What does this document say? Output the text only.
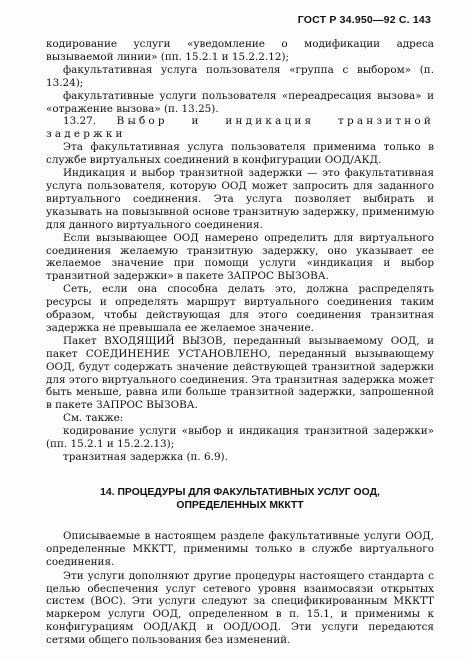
ГОСТ Р 34.950—92 С. 143

кодирование услуги «уведомление о модификации адреса вызываемой линии» (пп. 15.2.1 и 15.2.2.12);

факультативная услуга пользователя «группа с выбором» (п. 13.24);

факультативные услуги пользователя «переадресация вызова» и «отражение вызова» (п. 13.25).

13.27. Выбор и индикация транзитной задержки

Эта факультативная услуга пользователя применима только в службе виртуальных соединений в конфигурации ООД/АКД.

Индикация и выбор транзитной задержки — это факультативная услуга пользователя, которую ООД может запросить для заданного виртуального соединения. Эта услуга позволяет выбирать и указывать на повызывной основе транзитную задержку, применимую для данного виртуального соединения.

Если вызывающее ООД намерено определить для виртуального соединения желаемую транзитную задержку, оно указывает ее желаемое значение при помощи услуги «индикация и выбор транзитной задержки» в пакете ЗАПРОС ВЫЗОВА.

Сеть, если она способна делать это, должна распределять ресурсы и определять маршрут виртуального соединения таким образом, чтобы действующая для этого соединения транзитная задержка не превышала ее желаемое значение.

Пакет ВХОДЯЩИЙ ВЫЗОВ, переданный вызываемому ООД, и пакет СОЕДИНЕНИЕ УСТАНОВЛЕНО, переданный вызывающему ООД, будут содержать значение действующей транзитной задержки для этого виртуального соединения. Эта транзитная задержка может быть меньше, равна или больше транзитной задержки, запрошенной в пакете ЗАПРОС ВЫЗОВА.

См. также:

кодирование услуги «выбор и индикация транзитной задержки» (пп. 15.2.1 и 15.2.2.13);

транзитная задержка (п. 6.9).

14. ПРОЦЕДУРЫ ДЛЯ ФАКУЛЬТАТИВНЫХ УСЛУГ ООД,
ОПРЕДЕЛЕННЫХ МККТТ

Описываемые в настоящем разделе факультативные услуги ООД, определенные МККТТ, применимы только в службе виртуального соединения.

Эти услуги дополняют другие процедуры настоящего стандарта с целью обеспечения услуг сетевого уровня взаимосвязи открытых систем (ВОС). Эти услуги следуют за спецификированным МККТТ маркером услуги ООД, определенном в п. 15.1, и применимы к конфигурациям ООД/АКД и ООД/ООД. Эти услуги передаются сетями общего пользования без изменений.
